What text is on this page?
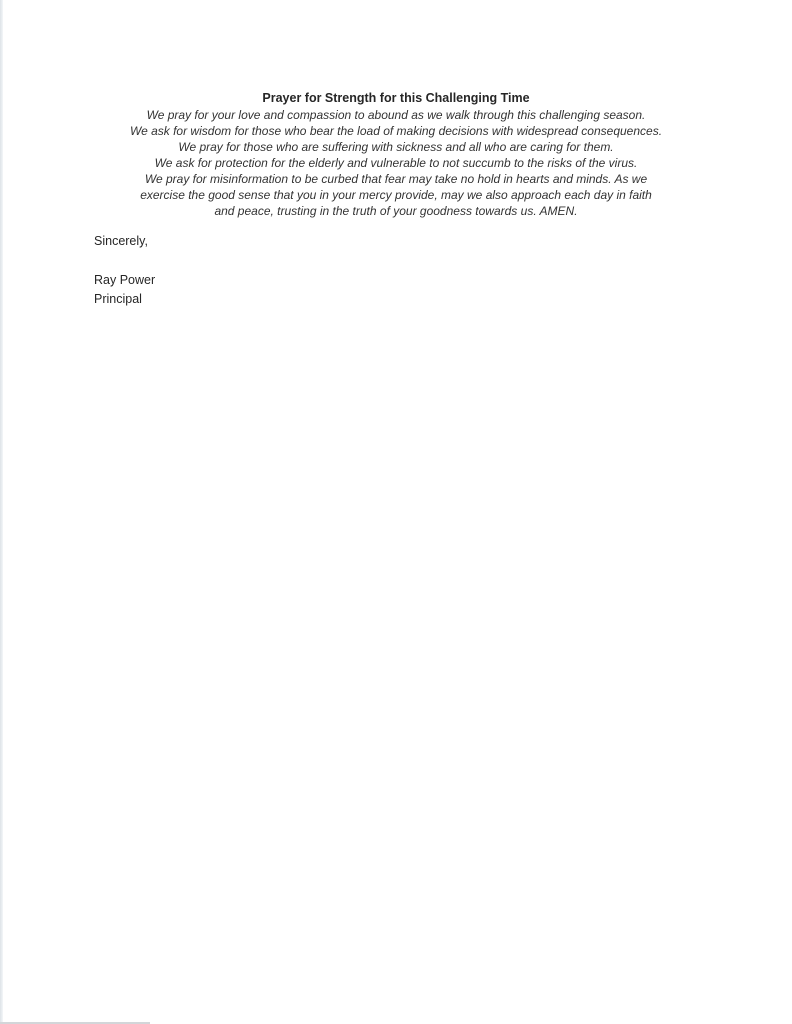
Prayer for Strength for this Challenging Time

We pray for your love and compassion to abound as we walk through this challenging season.

We ask for wisdom for those who bear the load of making decisions with widespread consequences.

We pray for those who are suffering with sickness and all who are caring for them.

We ask for protection for the elderly and vulnerable to not succumb to the risks of the virus.

We pray for misinformation to be curbed that fear may take no hold in hearts and minds. As we

exercise the good sense that you in your mercy provide, may we also approach each day in faith

and peace, trusting in the truth of your goodness towards us. AMEN.

Sincerely,
Ray Power
Principal
